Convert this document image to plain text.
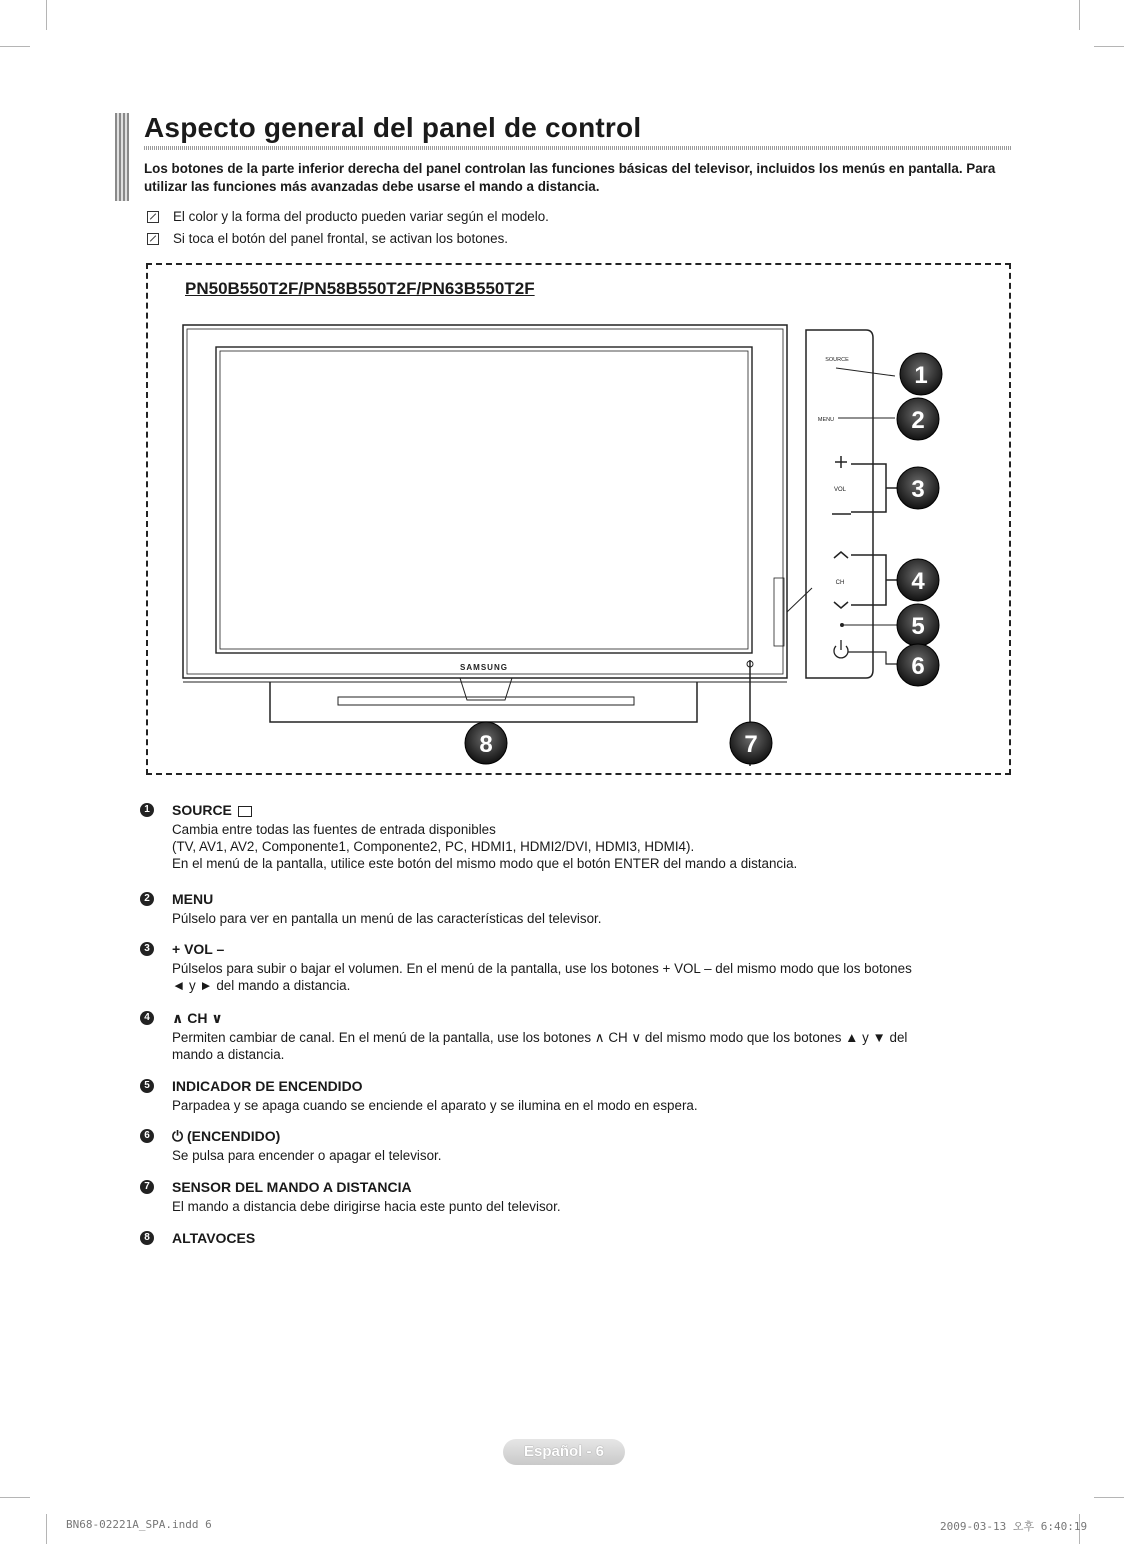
Aspecto general del panel de control
Los botones de la parte inferior derecha del panel controlan las funciones básicas del televisor, incluidos los menús en pantalla. Para utilizar las funciones más avanzadas debe usarse el mando a distancia.
El color y la forma del producto pueden variar según el modelo.
Si toca el botón del panel frontal, se activan los botones.
PN50B550T2F/PN58B550T2F/PN63B550T2F
SAMSUNG
SOURCE
MENU
VOL
CH
1
2
3
4
5
6
7
8
1	SOURCE
Cambia entre todas las fuentes de entrada disponibles
(TV, AV1, AV2, Componente1, Componente2, PC, HDMI1, HDMI2/DVI, HDMI3, HDMI4).
En el menú de la pantalla, utilice este botón del mismo modo que el botón ENTER del mando a distancia.
2	MENU
Púlselo para ver en pantalla un menú de las características del televisor.
3	+ VOL –
Púlselos para subir o bajar el volumen. En el menú de la pantalla, use los botones + VOL – del mismo modo que los botones
◄ y ► del mando a distancia.
4	∧ CH ∨
Permiten cambiar de canal. En el menú de la pantalla, use los botones ∧ CH ∨ del mismo modo que los botones ▲ y ▼ del
mando a distancia.
5	INDICADOR DE ENCENDIDO
Parpadea y se apaga cuando se enciende el aparato y se ilumina en el modo en espera.
6	⏻ (ENCENDIDO)
Se pulsa para encender o apagar el televisor.
7	SENSOR DEL MANDO A DISTANCIA
El mando a distancia debe dirigirse hacia este punto del televisor.
8	ALTAVOCES
Español - 6
BN68-02221A_SPA.indd 6	2009-03-13 오후 6:40:19
